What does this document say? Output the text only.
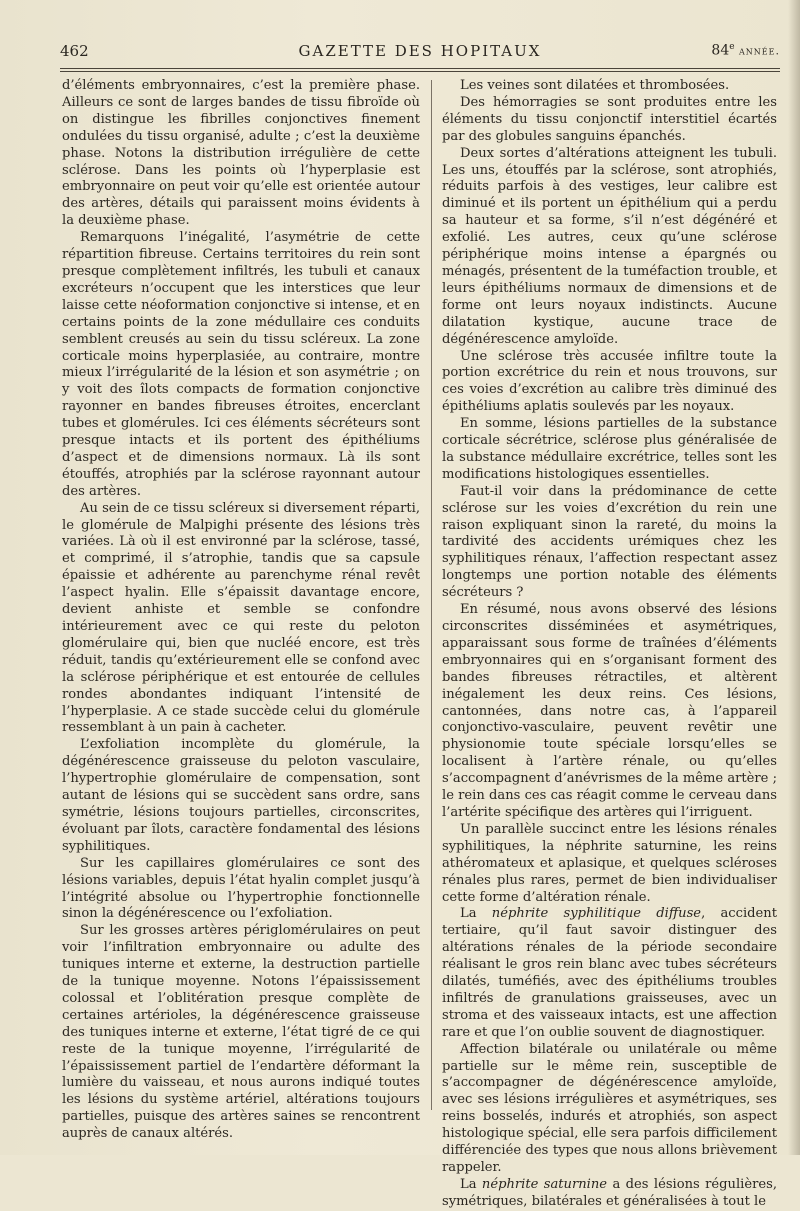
462	GAZETTE DES HOPITAUX	84e année.

d’éléments embryonnaires, c’est la première phase. Ailleurs ce sont de larges bandes de tissu fibroïde où on distingue les fibrilles conjonctives finement ondulées du tissu organisé, adulte ; c’est la deuxième phase. Notons la distribution irrégulière de cette sclérose. Dans les points où l’hyperplasie est embryonnaire on peut voir qu’elle est orientée autour des artères, détails qui paraissent moins évidents à la deuxième phase.

Remarquons l’inégalité, l’asymétrie de cette répartition fibreuse. Certains territoires du rein sont presque complètement infiltrés, les tubuli et canaux excréteurs n’occupent que les interstices que leur laisse cette néoformation conjonctive si intense, et en certains points de la zone médullaire ces conduits semblent creusés au sein du tissu scléreux. La zone corticale moins hyperplasiée, au contraire, montre mieux l’irrégularité de la lésion et son asymétrie ; on y voit des îlots compacts de formation conjonctive rayonner en bandes fibreuses étroites, encerclant tubes et glomérules. Ici ces éléments sécréteurs sont presque intacts et ils portent des épithéliums d’aspect et de dimensions normaux. Là ils sont étouffés, atrophiés par la sclérose rayonnant autour des artères.

Au sein de ce tissu scléreux si diversement réparti, le glomérule de Malpighi présente des lésions très variées. Là où il est environné par la sclérose, tassé, et comprimé, il s’atrophie, tandis que sa capsule épaissie et adhérente au parenchyme rénal revêt l’aspect hyalin. Elle s’épaissit davantage encore, devient anhiste et semble se confondre intérieurement avec ce qui reste du peloton glomérulaire qui, bien que nucléé encore, est très réduit, tandis qu’extérieurement elle se confond avec la sclérose périphérique et est entourée de cellules rondes abondantes indiquant l’intensité de l’hyperplasie. A ce stade succède celui du glomérule ressemblant à un pain à cacheter.

L’exfoliation incomplète du glomérule, la dégénérescence graisseuse du peloton vasculaire, l’hypertrophie glomérulaire de compensation, sont autant de lésions qui se succèdent sans ordre, sans symétrie, lésions toujours partielles, circonscrites, évoluant par îlots, caractère fondamental des lésions syphilitiques.

Sur les capillaires glomérulaires ce sont des lésions variables, depuis l’état hyalin complet jusqu’à l’intégrité absolue ou l’hypertrophie fonctionnelle sinon la dégénérescence ou l’exfoliation.

Sur les grosses artères périglomérulaires on peut voir l’infiltration embryonnaire ou adulte des tuniques interne et externe, la destruction partielle de la tunique moyenne. Notons l’épaississement colossal et l’oblitération presque complète de certaines artérioles, la dégénérescence graisseuse des tuniques interne et externe, l’état tigré de ce qui reste de la tunique moyenne, l’irrégularité de l’épaississement partiel de l’endartère déformant la lumière du vaisseau, et nous aurons indiqué toutes les lésions du système artériel, altérations toujours partielles, puisque des artères saines se rencontrent auprès de canaux altérés.

Les veines sont dilatées et thrombosées.

Des hémorragies se sont produites entre les éléments du tissu conjonctif interstitiel écartés par des globules sanguins épanchés.

Deux sortes d’altérations atteignent les tubuli. Les uns, étouffés par la sclérose, sont atrophiés, réduits parfois à des vestiges, leur calibre est diminué et ils portent un épithélium qui a perdu sa hauteur et sa forme, s’il n’est dégénéré et exfolié. Les autres, ceux qu’une sclérose périphérique moins intense a épargnés ou ménagés, présentent de la tuméfaction trouble, et leurs épithéliums normaux de dimensions et de forme ont leurs noyaux indistincts. Aucune dilatation kystique, aucune trace de dégénérescence amyloïde.

Une sclérose très accusée infiltre toute la portion excrétrice du rein et nous trouvons, sur ces voies d’excrétion au calibre très diminué des épithéliums aplatis soulevés par les noyaux.

En somme, lésions partielles de la substance corticale sécrétrice, sclérose plus généralisée de la substance médullaire excrétrice, telles sont les modifications histologiques essentielles.

Faut-il voir dans la prédominance de cette sclérose sur les voies d’excrétion du rein une raison expliquant sinon la rareté, du moins la tardivité des accidents urémiques chez les syphilitiques rénaux, l’affection respectant assez longtemps une portion notable des éléments sécréteurs ?

En résumé, nous avons observé des lésions circonscrites disséminées et asymétriques, apparaissant sous forme de traînées d’éléments embryonnaires qui en s’organisant forment des bandes fibreuses rétractiles, et altèrent inégalement les deux reins. Ces lésions, cantonnées, dans notre cas, à l’appareil conjonctivo-vasculaire, peuvent revêtir une physionomie toute spéciale lorsqu’elles se localisent à l’artère rénale, ou qu’elles s’accompagnent d’anévrismes de la même artère ; le rein dans ces cas réagit comme le cerveau dans l’artérite spécifique des artères qui l’irriguent.

Un parallèle succinct entre les lésions rénales syphilitiques, la néphrite saturnine, les reins athéromateux et aplasique, et quelques scléroses rénales plus rares, permet de bien individualiser cette forme d’altération rénale.

La néphrite syphilitique diffuse, accident tertiaire, qu’il faut savoir distinguer des altérations rénales de la période secondaire réalisant le gros rein blanc avec tubes sécréteurs dilatés, tuméfiés, avec des épithéliums troubles infiltrés de granulations graisseuses, avec un stroma et des vaisseaux intacts, est une affection rare et que l’on oublie souvent de diagnostiquer.

Affection bilatérale ou unilatérale ou même partielle sur le même rein, susceptible de s’accompagner de dégénérescence amyloïde, avec ses lésions irrégulières et asymétriques, ses reins bosselés, indurés et atrophiés, son aspect histologique spécial, elle sera parfois difficilement différenciée des types que nous allons brièvement rappeler.

La néphrite saturnine a des lésions régulières, symétriques, bilatérales et généralisées à tout le
